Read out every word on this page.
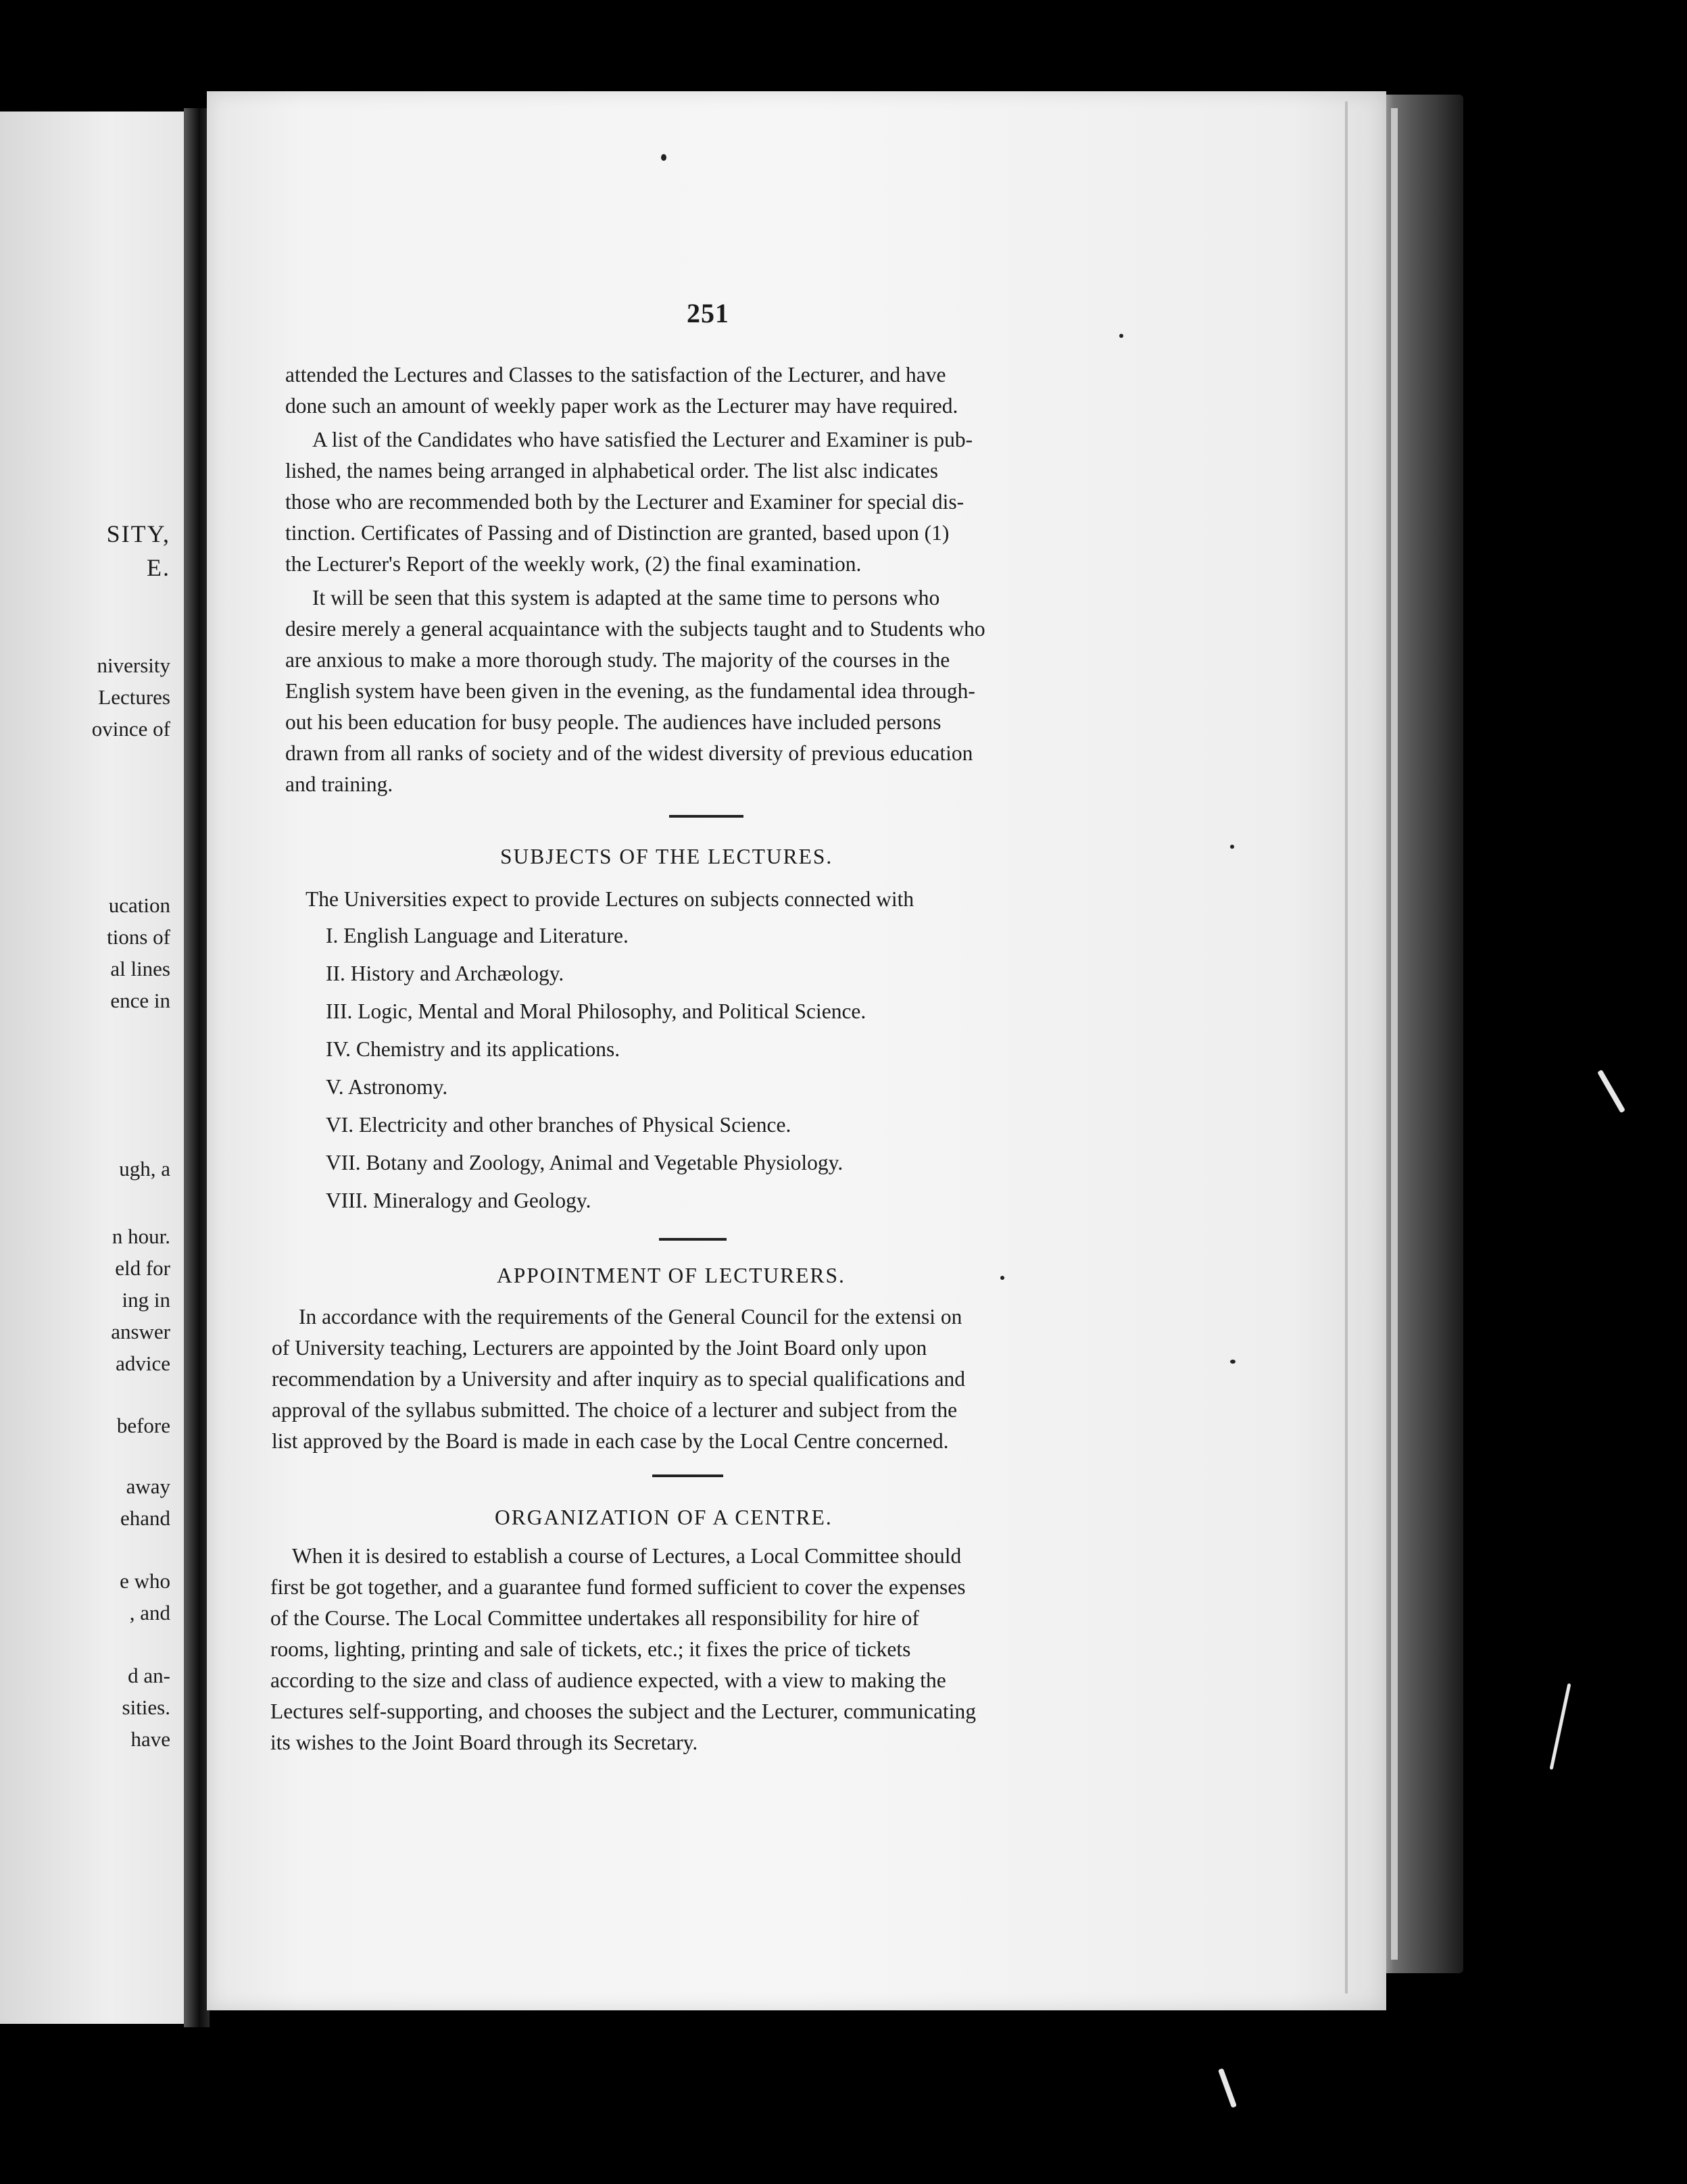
SITY,
E.
niversity
Lectures
ovince of
ucation
tions of
al lines
ence in
ugh, a
n hour.
eld for
ing in
answer
advice
before
away
ehand
e who
, and
d an-
sities.
have
251
attended the Lectures and Classes to the satisfaction of the Lecturer, and have
done such an amount of weekly paper work as the Lecturer may have required.
A list of the Candidates who have satisfied the Lecturer and Examiner is pub-
lished, the names being arranged in alphabetical order. The list alsc indicates
those who are recommended both by the Lecturer and Examiner for special dis-
tinction. Certificates of Passing and of Distinction are granted, based upon (1)
the Lecturer's Report of the weekly work, (2) the final examination.
It will be seen that this system is adapted at the same time to persons who
desire merely a general acquaintance with the subjects taught and to Students who
are anxious to make a more thorough study. The majority of the courses in the
English system have been given in the evening, as the fundamental idea through-
out his been education for busy people. The audiences have included persons
drawn from all ranks of society and of the widest diversity of previous education
and training.
SUBJECTS OF THE LECTURES.
The Universities expect to provide Lectures on subjects connected with
I. English Language and Literature.
II. History and Archæology.
III. Logic, Mental and Moral Philosophy, and Political Science.
IV. Chemistry and its applications.
V. Astronomy.
VI. Electricity and other branches of Physical Science.
VII. Botany and Zoology, Animal and Vegetable Physiology.
VIII. Mineralogy and Geology.
APPOINTMENT OF LECTURERS.
In accordance with the requirements of the General Council for the extensi on
of University teaching, Lecturers are appointed by the Joint Board only upon
recommendation by a University and after inquiry as to special qualifications and
approval of the syllabus submitted. The choice of a lecturer and subject from the
list approved by the Board is made in each case by the Local Centre concerned.
ORGANIZATION OF A CENTRE.
When it is desired to establish a course of Lectures, a Local Committee should
first be got together, and a guarantee fund formed sufficient to cover the expenses
of the Course. The Local Committee undertakes all responsibility for hire of
rooms, lighting, printing and sale of tickets, etc.; it fixes the price of tickets
according to the size and class of audience expected, with a view to making the
Lectures self-supporting, and chooses the subject and the Lecturer, communicating
its wishes to the Joint Board through its Secretary.
